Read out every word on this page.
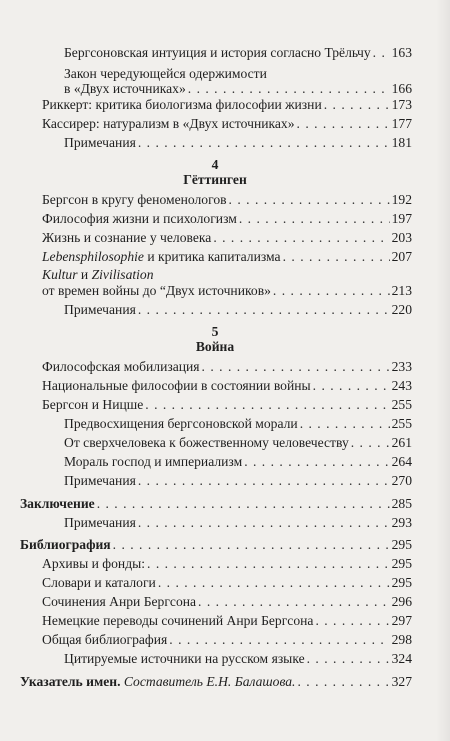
Бергсоновская интуиция и история согласно Трёльчу . . . 163
Закон чередующейся одержимости
в «Двух источниках» . . .	166
Риккерт: критика биологизма философии жизни . . .	173
Кассирер: натурализм в «Двух источниках» . . .	177
Примечания . . .	181
4
Гёттинген
Бергсон в кругу феноменологов . . .	192
Философия жизни и психологизм . . .	197
Жизнь и сознание у человека . . .	203
Lebensphilosophie и критика капитализма . . .	207
Kultur и Zivilisation
от времен войны до “Двух источников» . . .	213
Примечания . . .	220
5
Война
Философская мобилизация . . .	233
Национальные философии в состоянии войны . . .	243
Бергсон и Ницше . . .	255
Предвосхищения бергсоновской морали . . .	255
От сверхчеловека к божественному человечеству . . .	261
Мораль господ и империализм . . .	264
Примечания . . .	270
Заключение . . .	285
Примечания . . .	293
Библиография . . .	295
Архивы и фонды: . . .	295
Словари и каталоги . . .	295
Сочинения Анри Бергсона . . .	296
Немецкие переводы сочинений Анри Бергсона . . .	297
Общая библиография . . .	298
Цитируемые источники на русском языке . . .	324
Указатель имен. Составитель Е.Н. Балашова. . . .	327
